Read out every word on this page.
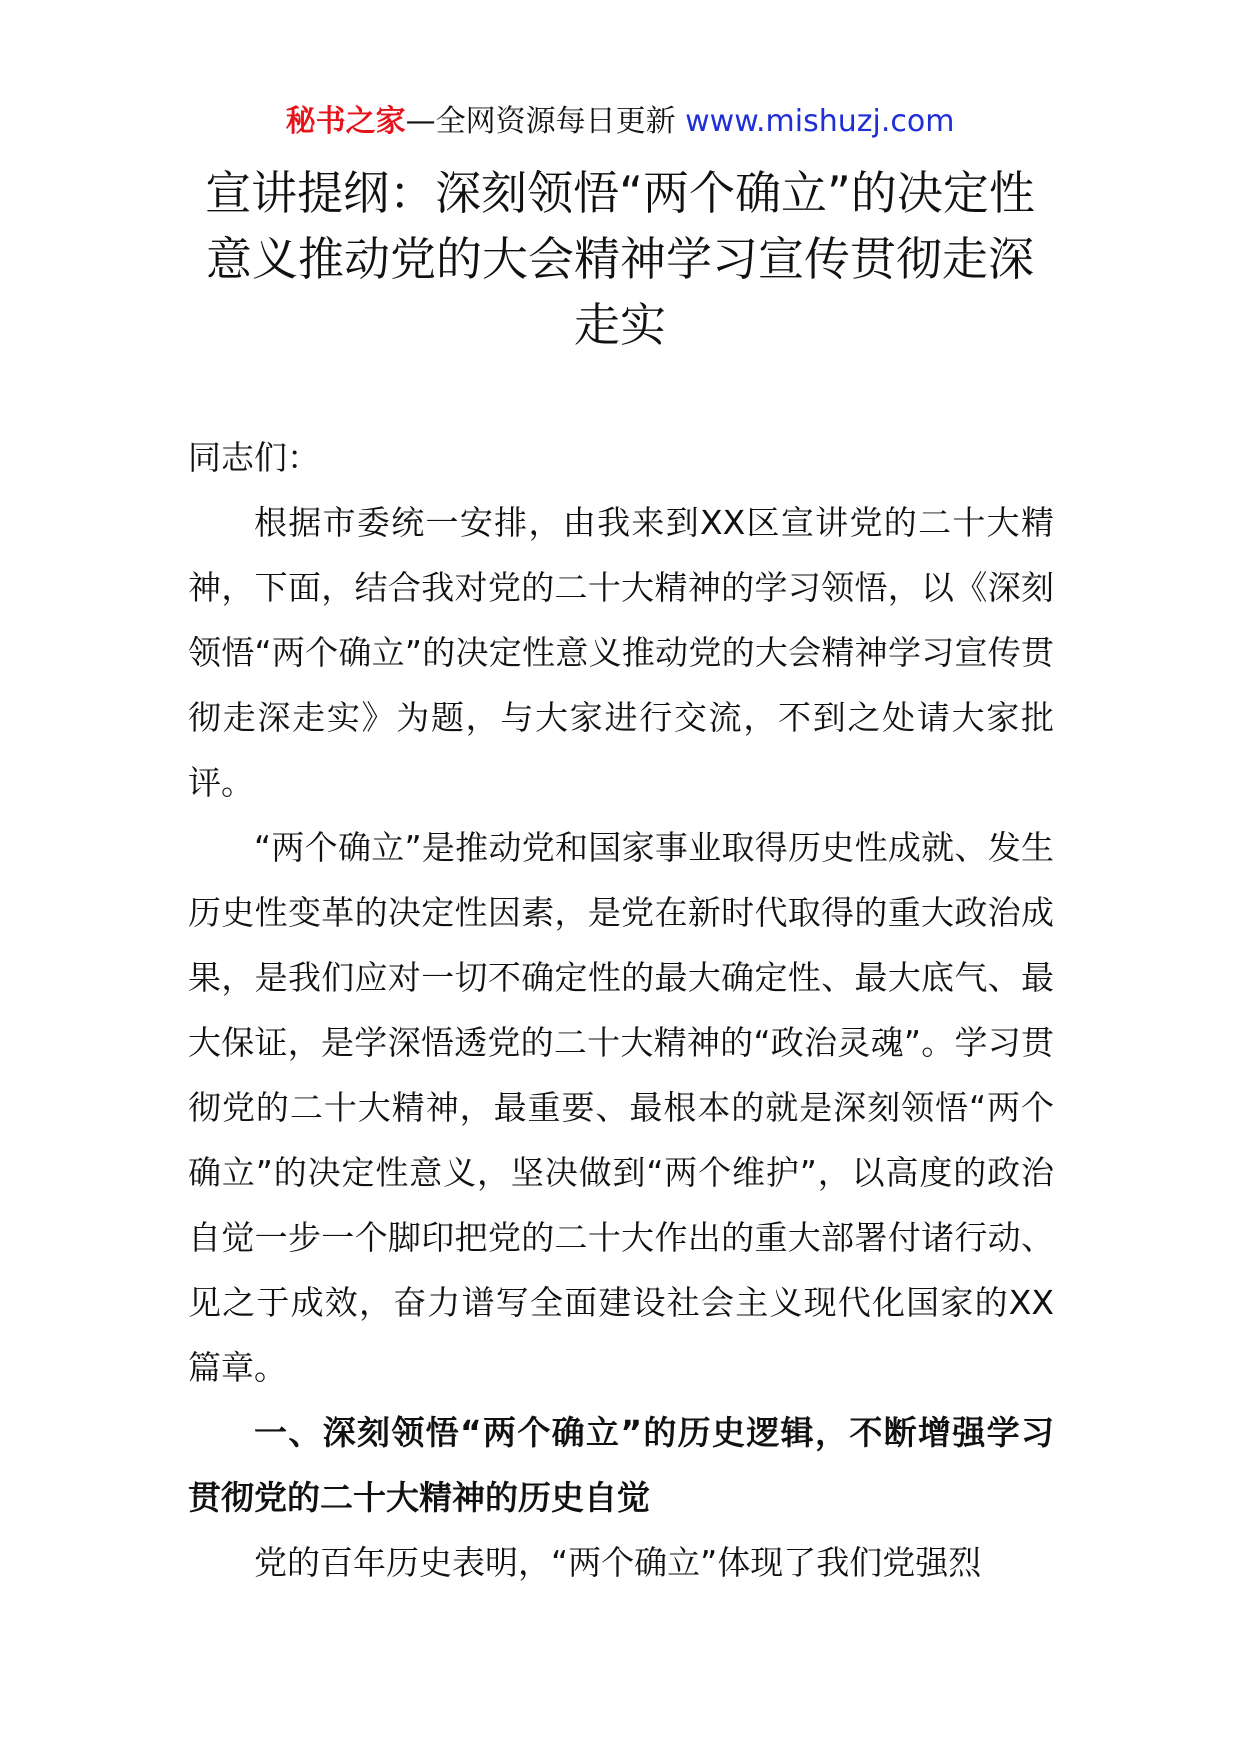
秘书之家—全网资源每日更新 www.mishuzj.com
宣讲提纲：深刻领悟“两个确立”的决定性意义推动党的大会精神学习宣传贯彻走深走实

同志们：

根据市委统一安排，由我来到XX区宣讲党的二十大精神，下面，结合我对党的二十大精神的学习领悟，以《深刻领悟“两个确立”的决定性意义推动党的大会精神学习宣传贯彻走深走实》为题，与大家进行交流，不到之处请大家批评。

“两个确立”是推动党和国家事业取得历史性成就、发生历史性变革的决定性因素，是党在新时代取得的重大政治成果，是我们应对一切不确定性的最大确定性、最大底气、最大保证，是学深悟透党的二十大精神的“政治灵魂”。学习贯彻党的二十大精神，最重要、最根本的就是深刻领悟“两个确立”的决定性意义，坚决做到“两个维护”，以高度的政治自觉一步一个脚印把党的二十大作出的重大部署付诸行动、见之于成效，奋力谱写全面建设社会主义现代化国家的XX篇章。

一、深刻领悟“两个确立”的历史逻辑，不断增强学习贯彻党的二十大精神的历史自觉

党的百年历史表明，“两个确立”体现了我们党强烈
